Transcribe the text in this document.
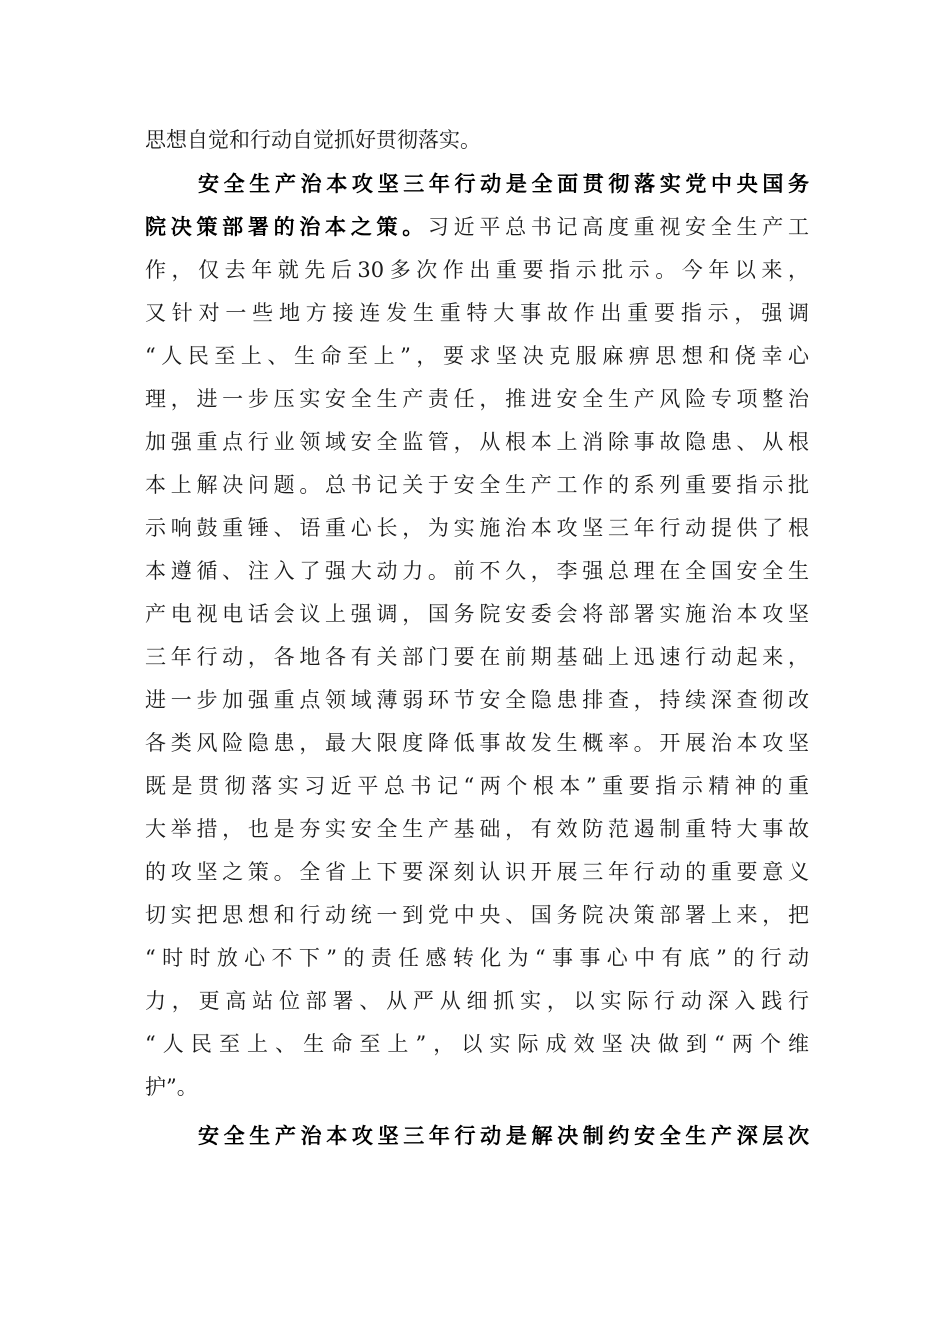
思想自觉和行动自觉抓好贯彻落实。
安全生产治本攻坚三年行动是全面贯彻落实党中央国务
院决策部署的治本之策。习近平总书记高度重视安全生产工
作，仅去年就先后30多次作出重要指示批示。今年以来，
又针对一些地方接连发生重特大事故作出重要指示，强调
“人民至上、生命至上”，要求坚决克服麻痹思想和侥幸心
理，进一步压实安全生产责任，推进安全生产风险专项整治
加强重点行业领域安全监管，从根本上消除事故隐患、从根
本上解决问题。总书记关于安全生产工作的系列重要指示批
示响鼓重锤、语重心长，为实施治本攻坚三年行动提供了根
本遵循、注入了强大动力。前不久，李强总理在全国安全生
产电视电话会议上强调，国务院安委会将部署实施治本攻坚
三年行动，各地各有关部门要在前期基础上迅速行动起来，
进一步加强重点领域薄弱环节安全隐患排查，持续深查彻改
各类风险隐患，最大限度降低事故发生概率。开展治本攻坚
既是贯彻落实习近平总书记“两个根本”重要指示精神的重
大举措，也是夯实安全生产基础，有效防范遏制重特大事故
的攻坚之策。全省上下要深刻认识开展三年行动的重要意义
切实把思想和行动统一到党中央、国务院决策部署上来，把
“时时放心不下”的责任感转化为“事事心中有底”的行动
力，更高站位部署、从严从细抓实，以实际行动深入践行
“人民至上、生命至上”，以实际成效坚决做到“两个维
护”。
安全生产治本攻坚三年行动是解决制约安全生产深层次
